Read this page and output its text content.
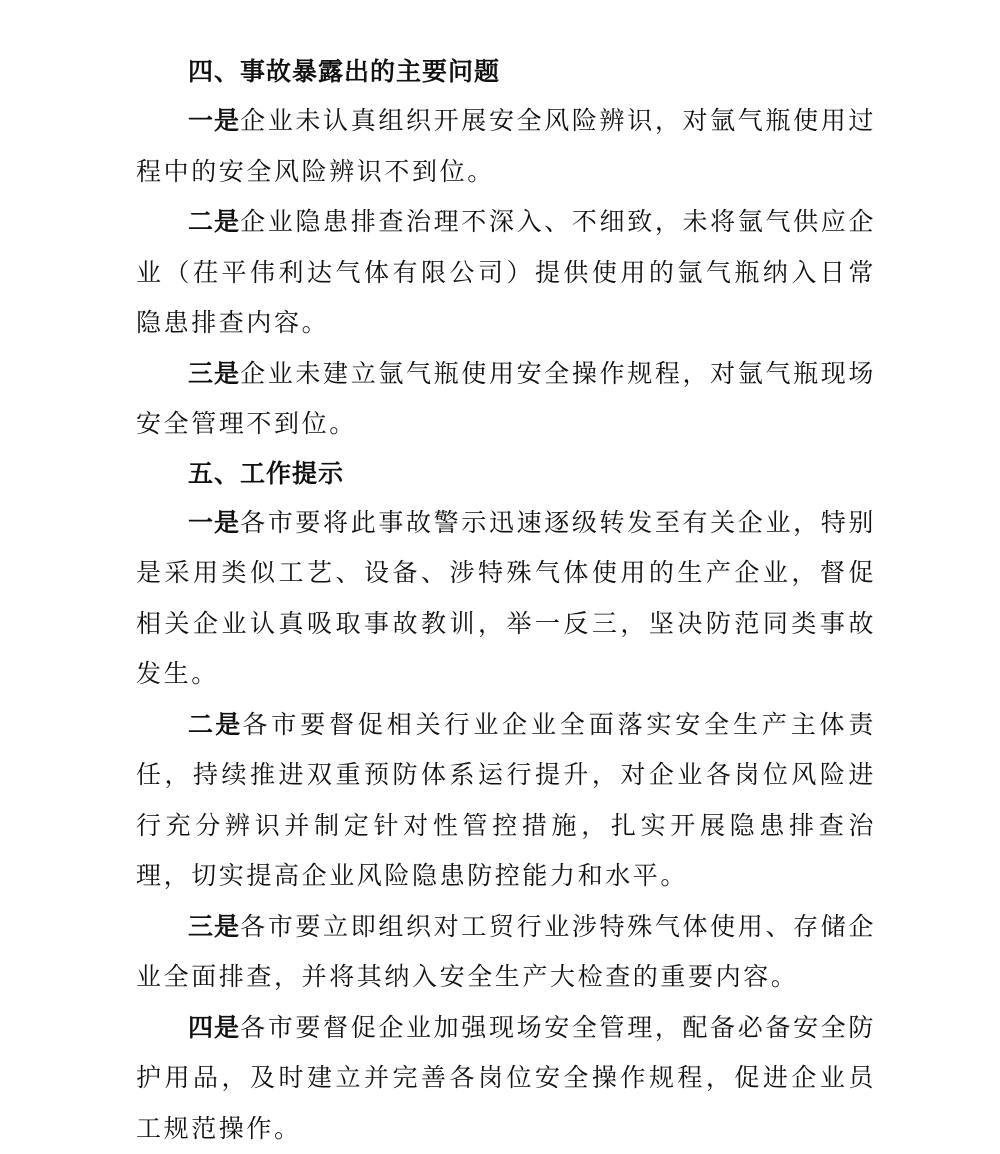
四、事故暴露出的主要问题

一是企业未认真组织开展安全风险辨识，对氩气瓶使用过程中的安全风险辨识不到位。

二是企业隐患排查治理不深入、不细致，未将氩气供应企业（茌平伟利达气体有限公司）提供使用的氩气瓶纳入日常隐患排查内容。

三是企业未建立氩气瓶使用安全操作规程，对氩气瓶现场安全管理不到位。

五、工作提示

一是各市要将此事故警示迅速逐级转发至有关企业，特别是采用类似工艺、设备、涉特殊气体使用的生产企业，督促相关企业认真吸取事故教训，举一反三，坚决防范同类事故发生。

二是各市要督促相关行业企业全面落实安全生产主体责任，持续推进双重预防体系运行提升，对企业各岗位风险进行充分辨识并制定针对性管控措施，扎实开展隐患排查治理，切实提高企业风险隐患防控能力和水平。

三是各市要立即组织对工贸行业涉特殊气体使用、存储企业全面排查，并将其纳入安全生产大检查的重要内容。

四是各市要督促企业加强现场安全管理，配备必备安全防护用品，及时建立并完善各岗位安全操作规程，促进企业员工规范操作。
